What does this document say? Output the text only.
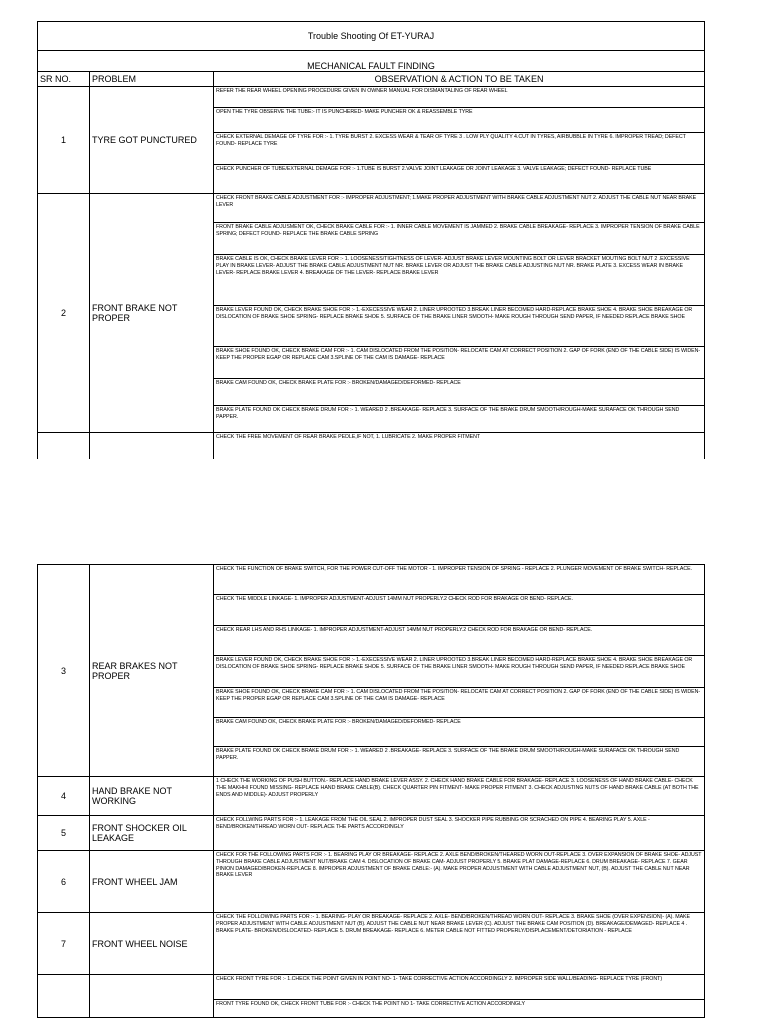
Trouble Shooting Of ET-YURAJ		
MECHANICAL FAULT FINDING		
SR NO.	PROBLEM	OBSERVATION & ACTION TO BE TAKEN
1	TYRE GOT PUNCTURED	REFER THE REAR WHEEL OPENING PROCEDURE GIVEN IN OWNER MANUAL FOR DISMANTALING OF REAR WHEEL
		OPEN THE TYRE OBSERVE THE TUBE:- IT IS PUNCHERED- MAKE PUNCHER OK & REASSEMBLE TYRE
		CHECK EXTERNAL DEMAGE OF TYRE FOR :- 1. TYRE BURST 2. EXCESS WEAR & TEAR OF TYRE 3 . LOW PLY QUALITY 4.CUT IN TYRES, AIRBUBBLE IN TYRE 6. IMPROPER TREAD; DEFECT FOUND- REPLACE TYRE
		CHECK PUNCHER OF TUBE/EXTERNAL DEMAGE FOR :- 1.TUBE IS BURST 2.VALVE JOINT LEAKAGE OR JOINT LEAKAGE 3. VALVE LEAKAGE; DEFECT FOUND- REPLACE TUBE
2	FRONT BRAKE NOT PROPER	CHECK FRONT BRAKE CABLE ADJUSTMENT FOR :- IMPROPER ADJUSTMENT; 1.MAKE PROPER ADJUSTMENT WITH BRAKE CABLE ADJUSTMENT NUT 2. ADJUST THE CABLE NUT NEAR BRAKE LEVER
		FRONT BRAKE CABLE ADJUSMENT OK, CHECK BRAKE CABLE FOR :- 1. INNER CABLE MOVEMENT IS JAMMED 2. BRAKE CABLE BREAKAGE- REPLACE 3. IMPROPER TENSION OF BRAKE CABLE SPRING; DEFECT FOUND- REPLACE THE BRAKE CABLE SPRING
		BRAKE CABLE IS OK, CHECK BRAKE LEVER FOR :- 1. LOOSENESS/TIGHTNESS OF LEVER- ADJUST BRAKE LEVER MOUNTING BOLT OR LEVER BRACKET MOUTING BOLT NUT 2 .EXCESSIVE PLAY IN BRAKE LEVER- ADJUST THE BRAKE CABLE ADJUSTMENT NUT NR. BRAKE LEVER OR ADJUST THE BRAKE CABLE ADJUSTING NUT NR. BRAKE PLATE 3. EXCESS WEAR IN BRAKE LEVER- REPLACE BRAKE LEVER 4. BREAKAGE OF THE LEVER- REPLACE BRAKE LEVER
		BRAKE LEVER FOUND OK, CHECK BRAKE SHOE FOR :- 1.-EXECESSIVE WEAR 2. LINER UPROOTED 3.BREAK LINER BECOMED HARD-REPLACE BRAKE SHOE 4. BRAKE SHOE BREAKAGE OR DISLOCATION OF BRAKE SHOE SPRING- REPLACE BRAKE SHOE 5. SURFACE OF THE BRAKE LINER SMOOTH- MAKE ROUGH THROUGH SEND PAPER, IF NEEDED REPLACE BRAKE SHOE
		BRAKE SHOE FOUND OK, CHECK BRAKE CAM FOR :- 1. CAM DISLOCATED FROM THE POSITION- RELOCATE CAM AT CORRECT POSITION 2. GAP OF FORK (END OF THE CABLE SIDE) IS WIDEN- KEEP THE PROPER EGAP OR REPLACE CAM 3.SPLINE OF THE CAM IS DAMAGE- REPLACE
		BRAKE CAM FOUND OK, CHECK BRAKE PLATE FOR :- BROKEN/DAMAGED/DEFORMED- REPLACE
		BRAKE PLATE FOUND OK CHECK BRAKE DRUM FOR :- 1. WEARED 2 .BREAKAGE- REPLACE 3. SURFACE OF THE BRAKE DRUM SMOOTH/ROUGH-MAKE SURAFACE OK THROUGH SEND PAPPER.
		CHECK THE FREE MOVEMENT OF REAR BRAKE PEDLE,IF NOT, 1. LUBRICATE 2. MAKE PROPER FITMENT
3	REAR BRAKES NOT PROPER	CHECK THE FUNCTION OF BRAKE SWITCH, FOR THE POWER CUT-OFF THE MOTOR - 1. IMPROPER TENSION OF SPRING - REPLACE 2. PLUNGER MOVEMENT OF BRAKE SWITCH- REPLACE.
		CHECK THE MIDDLE LINKAGE- 1. IMPROPER ADJUSTMENT-ADJUST 14MM NUT PROPERLY.2 CHECK ROD FOR BRAKAGE OR BEND- REPLACE.
		CHECK REAR LHS AND RHS LINKAGE- 1. IMPROPER ADJUSTMENT-ADJUST 14MM NUT PROPERLY.2 CHECK ROD FOR BRAKAGE OR BEND- REPLACE.
		BRAKE LEVER FOUND OK, CHECK BRAKE SHOE FOR :- 1.-EXECESSIVE WEAR 2. LINER UPROOTED 3.BREAK LINER BECOMED HARD-REPLACE BRAKE SHOE 4. BRAKE SHOE BREAKAGE OR DISLOCATION OF BRAKE SHOE SPRING- REPLACE BRAKE SHOE 5. SURFACE OF THE BRAKE LINER SMOOTH- MAKE ROUGH THROUGH SEND PAPER, IF NEEDED REPLACE BRAKE SHOE
		BRAKE SHOE FOUND OK, CHECK BRAKE CAM FOR :- 1. CAM DISLOCATED FROM THE POSITION- RELOCATE CAM AT CORRECT POSITION 2. GAP OF FORK (END OF THE CABLE SIDE) IS WIDEN- KEEP THE PROPER EGAP OR REPLACE CAM 3.SPLINE OF THE CAM IS DAMAGE- REPLACE
		BRAKE CAM FOUND OK, CHECK BRAKE PLATE FOR :- BROKEN/DAMAGED/DEFORMED- REPLACE
		BRAKE PLATE FOUND OK CHECK BRAKE DRUM FOR :- 1. WEARED 2 .BREAKAGE- REPLACE 3. SURFACE OF THE BRAKE DRUM SMOOTH/ROUGH-MAKE SURAFACE OK THROUGH SEND PAPPER.
4	HAND BRAKE NOT WORKING	1 CHECK THE WORKING OF PUSH BUTTON.- REPLACE HAND BRAKE LEVER ASSY. 2. CHECK HAND BRAKE CABLE FOR BRAKAGE- REPLACE 3. LOOSENESS OF HAND BRAKE CABLE- CHECK THE MAKHHI FOUND MISSING- REPLACE HAND BRAKE CABLE(B). CHECK QUARTER PIN FITMENT- MAKE PROPER FITMENT 3. CHECK ADJUSTING NUTS OF HAND BRAKE CABLE (AT BOTH THE ENDS AND MIDDLE)- ADJUST PROPERLY
5	FRONT SHOCKER OIL LEAKAGE	CHECK FOLLWING PARTS FOR :- 1. LEAKAGE FROM THE OIL SEAL 2. IMPROPER DUST SEAL 3. SHOCKER PIPE RUBBING OR SCRACHED ON PIPE 4. BEARING PLAY 5. AXLE - BEND/BROKEN/THREAD WORN OUT- REPLACE THE PARTS ACCORDINGLY
6	FRONT WHEEL JAM	CHECK FOR THE FOLLOWING PARTS FOR :- 1. BEARING PLAY OR BREAKAGE- REPLACE 2. AXLE BEND/BROKEN/THEARED WORN OUT-REPLACE 3. OVER EXPANSION OF BRAKE SHOE- ADJUST THROUGH BRAKE CABLE ADJUSTMENT NUT/BRAKE CAM 4. DISLOCATION OF BRAKE CAM- ADJUST PROPERLY 5. BRAKE PLAT DAMAGE-REPLACE 6. DRUM BREAKAGE- REPLACE 7. GEAR PINION DAMAGED/BROKEN-REPLACE 8. IMPROPER ADJUSTMENT OF BRAKE CABLE:- (A). MAKE PROPER ADJUSTMENT WITH CABLE ADJUSTMENT NUT, (B). ADJUST THE CABLE NUT NEAR BRAKE LEVER
7	FRONT WHEEL NOISE	CHECK THE FOLLOWING PARTS FOR :- 1. BEARING- PLAY OR BREAKAGE- REPLACE 2. AXLE- BEND/BROKEN/THREAD WORN OUT- REPLACE 3. BRAKE SHOE (OVER EXPENSION)- (A). MAKE PROPER ADJUSTMENT WITH CABLE ADJUSTMENT NUT (B). ADJUST THE CABLE NUT NEAR BRAKE LEVER (C). ADJUST THE BRAKE CAM POSITION (D). BREAKAGE/DEMAGED- REPLACE 4 . BRAKE PLATE- BROKEN/DISLOCATED- REPLACE 5. DRUM BREAKAGE- REPLACE 6. METER CABLE NOT FITTED PROPERLY/DISPLACEMENT/DETORIATION - REPLACE
		CHECK FRONT TYRE FOR :- 1.CHECK THE POINT GIVEN IN POINT NO- 1- TAKE CORRECTIVE ACTION ACCORDINGLY 2. IMPROPER SIDE WALL/BEADING- REPLACE TYRE (FRONT)
		FRONT TYRE FOUND OK, CHECK FRONT TUBE FOR :- CHECK THE POINT NO 1- TAKE CORRECTIVE ACTION ACCORDINGLY
